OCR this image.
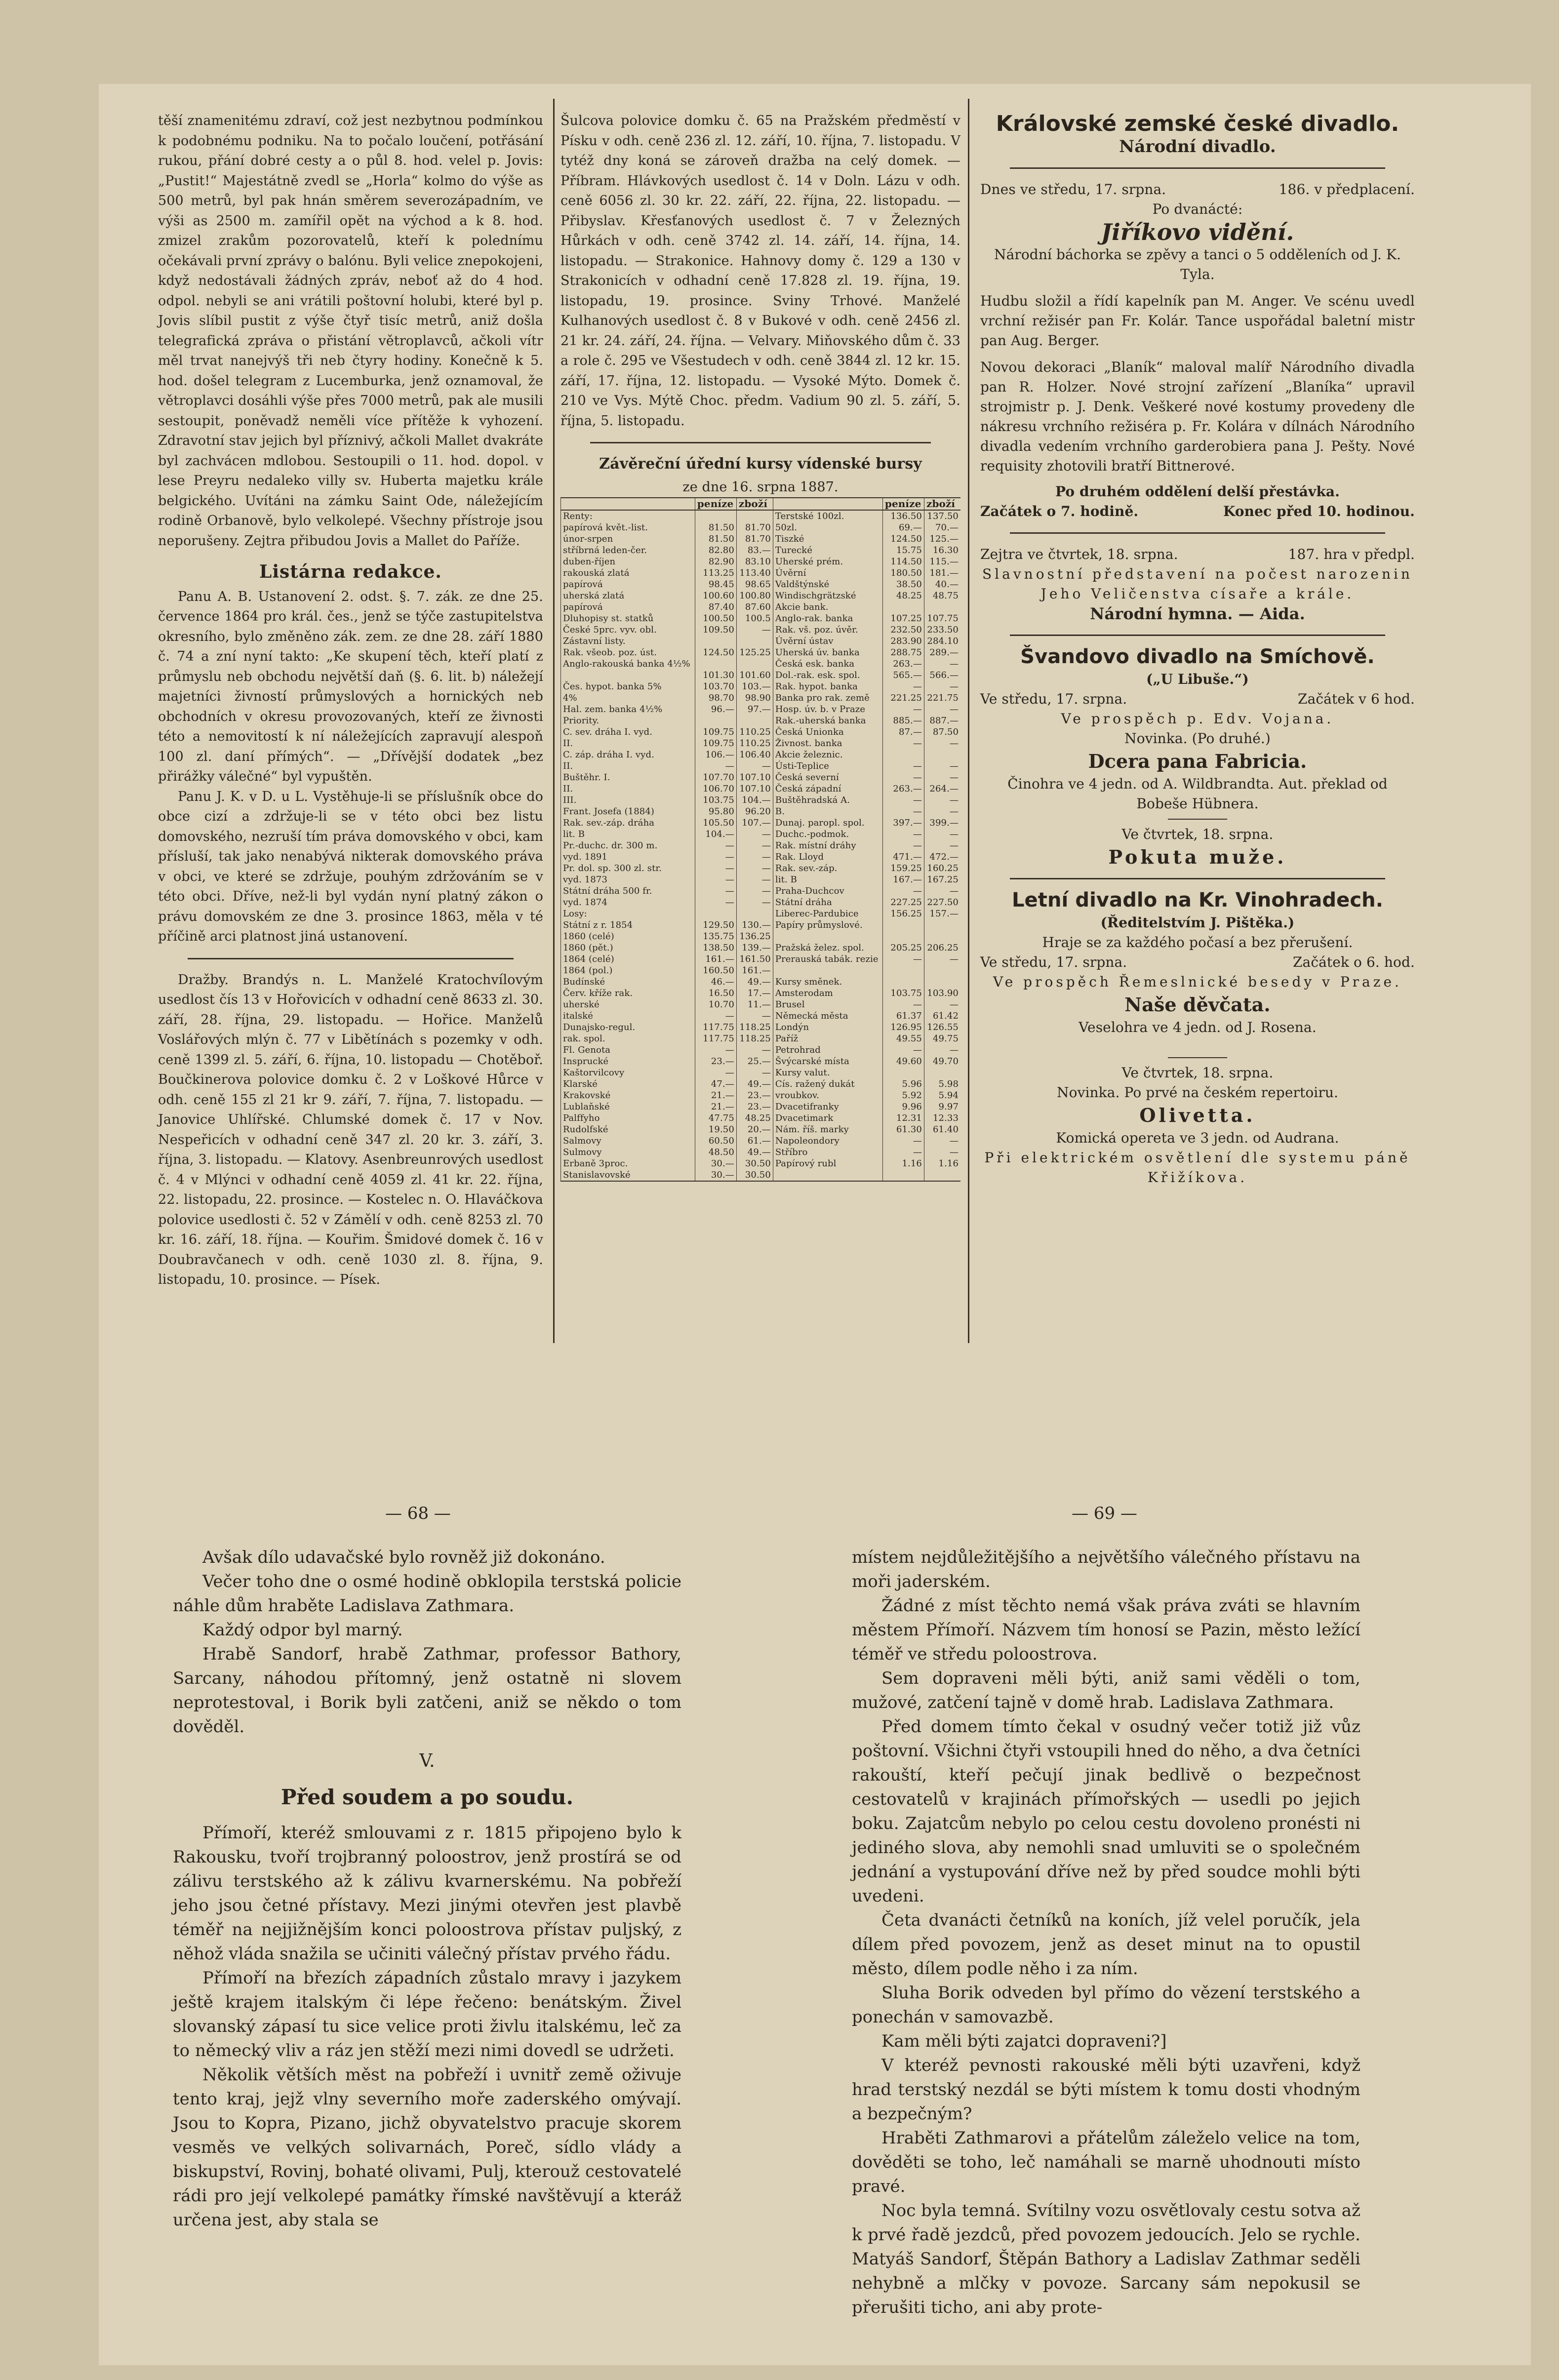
těší znamenitému zdraví, což jest nezbytnou podmínkou k podobnému podniku. Na to počalo loučení, potřásání rukou, přání dobré cesty a o půl 8. hod. velel p. Jovis: „Pustit!“ Majestátně zvedl se „Horla“ kolmo do výše as 500 metrů, byl pak hnán směrem severozápadním, ve výši as 2500 m. zamířil opět na východ a k 8. hod. zmizel zrakům pozorovatelů, kteří k polednímu očekávali první zprávy o balónu. Byli velice znepokojeni, když nedostávali žádných zpráv, neboť až do 4 hod. odpol. nebyli se ani vrátili poštovní holubi, které byl p. Jovis slíbil pustit z výše čtyř tisíc metrů, aniž došla telegrafická zpráva o přistání větroplavců, ačkoli vítr měl trvat nanejvýš tři neb čtyry hodiny. Konečně k 5. hod. došel telegram z Lucemburka, jenž oznamoval, že větroplavci dosáhli výše přes 7000 metrů, pak ale musili sestoupit, poněvadž neměli více přítěže k vyhození. Zdravotní stav jejich byl příznivý, ačkoli Mallet dvakráte byl zachvácen mdlobou. Sestoupili o 11. hod. dopol. v lese Preyru nedaleko villy sv. Huberta majetku krále belgického. Uvítáni na zámku Saint Ode, náležejícím rodině Orbanově, bylo velkolepé. Všechny přístroje jsou neporušeny. Zejtra přibudou Jovis a Mallet do Paříže.

Listárna redakce.

Panu A. B. Ustanovení 2. odst. §. 7. zák. ze dne 25. července 1864 pro král. čes., jenž se týče zastupitelstva okresního, bylo změněno zák. zem. ze dne 28. září 1880 č. 74 a zní nyní takto: „Ke skupení těch, kteří platí z průmyslu neb obchodu největší daň (§. 6. lit. b) náležejí majetníci živností průmyslových a hornických neb obchodních v okresu provozovaných, kteří ze živnosti této a nemovitostí k ní náležejících zapravují alespoň 100 zl. daní přímých“. — „Dřívější dodatek „bez přirážky válečné“ byl vypuštěn.

Panu J. K. v D. u L. Vystěhuje-li se příslušník obce do obce cizí a zdržuje-li se v této obci bez listu domovského, nezruší tím práva domovského v obci, kam přísluší, tak jako nenabývá nikterak domovského práva v obci, ve které se zdržuje, pouhým zdržováním se v této obci. Dříve, než-li byl vydán nyní platný zákon o právu domovském ze dne 3. prosince 1863, měla v té příčině arci platnost jiná ustanovení.

Dražby. Brandýs n. L. Manželé Kratochvílovým usedlost čís 13 v Hořovicích v odhadní ceně 8633 zl. 30. září, 28. října, 29. listopadu. — Hořice. Manželů Voslářových mlýn č. 77 v Libětínách s pozemky v odh. ceně 1399 zl. 5. září, 6. října, 10. listopadu — Chotěboř. Boučkinerova polovice domku č. 2 v Loškové Hůrce v odh. ceně 155 zl 21 kr 9. září, 7. října, 7. listopadu. — Janovice Uhlířské. Chlumské domek č. 17 v Nov. Nespeřicích v odhadní ceně 347 zl. 20 kr. 3. září, 3. října, 3. listopadu. — Klatovy. Asenbreunrových usedlost č. 4 v Mlýnci v odhadní ceně 4059 zl. 41 kr. 22. října, 22. listopadu, 22. prosince. — Kostelec n. O. Hlaváčkova polovice usedlosti č. 52 v Zámělí v odh. ceně 8253 zl. 70 kr. 16. září, 18. října. — Kouřim. Šmidové domek č. 16 v Doubravčanech v odh. ceně 1030 zl. 8. října, 9. listopadu, 10. prosince. — Písek.

Šulcova polovice domku č. 65 na Pražském předměstí v Písku v odh. ceně 236 zl. 12. září, 10. října, 7. listopadu. V tytéž dny koná se zároveň dražba na celý domek. — Příbram. Hlávkových usedlost č. 14 v Doln. Lázu v odh. ceně 6056 zl. 30 kr. 22. září, 22. října, 22. listopadu. — Přibyslav. Křesťanových usedlost č. 7 v Železných Hůrkách v odh. ceně 3742 zl. 14. září, 14. října, 14. listopadu. — Strakonice. Hahnovy domy č. 129 a 130 v Strakonicích v odhadní ceně 17.828 zl. 19. října, 19. listopadu, 19. prosince. Sviny Trhové. Manželé Kulhanových usedlost č. 8 v Bukové v odh. ceně 2456 zl. 21 kr. 24. září, 24. října. — Velvary. Miňovského dům č. 33 a role č. 295 ve Všestudech v odh. ceně 3844 zl. 12 kr. 15. září, 17. října, 12. listopadu. — Vysoké Mýto. Domek č. 210 ve Vys. Mýtě Choc. předm. Vadium 90 zl. 5. září, 5. října, 5. listopadu.

Závěreční úřední kursy vídenské bursy
ze dne 16. srpna 1887.
	peníze	zboží		peníze	zboží
Renty:			Terstské 100zl.	136.50	137.50
papírová květ.-list.	81.50	81.70	50zl.	69.—	70.—
únor-srpen	81.50	81.70	Tiszké	124.50	125.—
stříbrná leden-čer.	82.80	83.—	Turecké	15.75	16.30
duben-říjen	82.90	83.10	Uherské prém.	114.50	115.—
rakouská zlatá	113.25	113.40	Úvěrní	180.50	181.—
papírová	98.45	98.65	Valdštýnské	38.50	40.—
uherská zlatá	100.60	100.80	Windischgrätzské	48.25	48.75
papírová	87.40	87.60	Akcie bank.		
Dluhopisy st. statků	100.50	100.5	Anglo-rak. banka	107.25	107.75
České 5prc. vyv. obl.	109.50	—	Rak. vš. poz. úvěr.	232.50	233.50
Zástavní listy.			Úvěrní ústav	283.90	284.10
Rak. všeob. poz. úst.	124.50	125.25	Uherská úv. banka	288.75	289.—
Anglo-rakouská banka 4½%			Česká esk. banka	263.—	—
	101.30	101.60	Dol.-rak. esk. spol.	565.—	566.—
Čes. hypot. banka 5%	103.70	103.—	Rak. hypot. banka	—	—
4%	98.70	98.90	Banka pro rak. země	221.25	221.75
Hal. zem. banka 4½%	96.—	97.—	Hosp. úv. b. v Praze	—	—
Priority.			Rak.-uherská banka	885.—	887.—
C. sev. dráha I. vyd.	109.75	110.25	Česká Unionka	87.—	87.50
II.	109.75	110.25	Živnost. banka	—	—
C. záp. dráha I. vyd.	106.—	106.40	Akcie železnic.		
II.	—	—	Ústi-Teplice	—	—
Buštěhr. I.	107.70	107.10	Česká severní	—	—
II.	106.70	107.10	Česká západní	263.—	264.—
III.	103.75	104.—	Buštěhradská A.	—	—
Frant. Josefa (1884)	95.80	96.20	B.	—	—
Rak. sev.-záp. dráha	105.50	107.—	Dunaj. paropl. spol.	397.—	399.—
lit. B	104.—	—	Duchc.-podmok.	—	—
Pr.-duchc. dr. 300 m.	—	—	Rak. místní dráhy	—	—
vyd. 1891	—	—	Rak. Lloyd	471.—	472.—
Pr. dol. sp. 300 zl. str.	—	—	Rak. sev.-záp.	159.25	160.25
vyd. 1873	—	—	lit. B	167.—	167.25
Státní dráha 500 fr.	—	—	Praha-Duchcov	—	—
vyd. 1874	—	—	Státní dráha	227.25	227.50
Losy:			Liberec-Pardubice	156.25	157.—
Státní z r. 1854	129.50	130.—	Papíry průmyslové.		
1860 (celé)	135.75	136.25			
1860 (pět.)	138.50	139.—	Pražská želez. spol.	205.25	206.25
1864 (celé)	161.—	161.50	Prerauská tabák. rezie	—	—
1864 (pol.)	160.50	161.—			
Budínské	46.—	49.—	Kursy směnek.		
Červ. kříže rak.	16.50	17.—	Amsterodam	103.75	103.90
uherské	10.70	11.—	Brusel	—	—
italské	—	—	Německá města	61.37	61.42
Dunajsko-regul.	117.75	118.25	Londýn	126.95	126.55
rak. spol.	117.75	118.25	Paříž	49.55	49.75
Fl. Genota	—	—	Petrohrad	—	—
Insprucké	23.—	25.—	Švýcarské místa	49.60	49.70
Kaštorvilcovy	—	—	Kursy valut.		
Klarské	47.—	49.—	Cís. ražený dukát	5.96	5.98
Krakovské	21.—	23.—	vroubkov.	5.92	5.94
Lublaňské	21.—	23.—	Dvacetifranky	9.96	9.97
Palffyho	47.75	48.25	Dvacetimark	12.31	12.33
Rudolfské	19.50	20.—	Nám. říš. marky	61.30	61.40
Salmovy	60.50	61.—	Napoleondory	—	—
Sulmovy	48.50	49.—	Stříbro	—	—
Erbaně 3proc.	30.—	30.50	Papírový rubl	1.16	1.16
Stanislavovské	30.—	30.50			
Královské zemské české divadlo.
Národní divadlo.
Dnes ve středu, 17. srpna.	186. v předplacení.
Po dvanácté:
Jiříkovo vidění.

Národní báchorka se zpěvy a tanci o 5 odděleních od J. K. Tyla.

Hudbu složil a řídí kapelník pan M. Anger. Ve scénu uvedl vrchní režisér pan Fr. Kolár. Tance uspořádal baletní mistr pan Aug. Berger.

Novou dekoraci „Blaník“ maloval malíř Národního divadla pan R. Holzer. Nové strojní zařízení „Blaníka“ upravil strojmistr p. J. Denk. Veškeré nové kostumy provedeny dle nákresu vrchního režiséra p. Fr. Kolára v dílnách Národního divadla vedením vrchního garderobiera pana J. Pešty. Nové requisity zhotovili bratří Bittnerové.

Po druhém oddělení delší přestávka.
Začátek o 7. hodině.	Konec před 10. hodinou.
Zejtra ve čtvrtek, 18. srpna.	187. hra v předpl.

Slavnostní představení na počest narozenin Jeho Veličenstva císaře a krále.

Národní hymna. — Aida.
Švandovo divadlo na Smíchově.
(„U Libuše.“)
Ve středu, 17. srpna.	Začátek v 6 hod.
Ve prospěch p. Edv. Vojana.
Novinka. (Po druhé.)
Dcera pana Fabricia.

Činohra ve 4 jedn. od A. Wildbrandta. Aut. překlad od Bobeše Hübnera.

Ve čtvrtek, 18. srpna.
Pokuta muže.
Letní divadlo na Kr. Vinohradech.
(Ředitelstvím J. Pištěka.)
Hraje se za každého počasí a bez přerušení.
Ve středu, 17. srpna.	Začátek o 6. hod.

Ve prospěch Řemeslnické besedy v Praze.

Naše děvčata.
Veselohra ve 4 jedn. od J. Rosena.
Ve čtvrtek, 18. srpna.
Novinka. Po prvé na českém repertoiru.
Olivetta.
Komická opereta ve 3 jedn. od Audrana.

Při elektrickém osvětlení dle systemu páně Křižíkova.

— 68 —	— 69 —

Avšak dílo udavačské bylo rovněž již dokonáno.

Večer toho dne o osmé hodině obklopila terstská policie náhle dům hraběte Ladislava Zathmara.

Každý odpor byl marný.

Hrabě Sandorf, hrabě Zathmar, professor Bathory, Sarcany, náhodou přítomný, jenž ostatně ni slovem neprotestoval, i Borik byli zatčeni, aniž se někdo o tom dověděl.

V.
Před soudem a po soudu.

Přímoří, kteréž smlouvami z r. 1815 připojeno bylo k Rakousku, tvoří trojbranný poloostrov, jenž prostírá se od zálivu terstského až k zálivu kvarnerskému. Na pobřeží jeho jsou četné přístavy. Mezi jinými otevřen jest plavbě téměř na nejjižnějším konci poloostrova přístav puljský, z něhož vláda snažila se učiniti válečný přístav prvého řádu.

Přímoří na březích západních zůstalo mravy i jazykem ještě krajem italským či lépe řečeno: benátským. Živel slovanský zápasí tu sice velice proti živlu italskému, leč za to německý vliv a ráz jen stěží mezi nimi dovedl se udržeti.

Několik větších měst na pobřeží i uvnitř země oživuje tento kraj, jejž vlny severního moře zaderského omývají. Jsou to Kopra, Pizano, jichž obyvatelstvo pracuje skorem vesměs ve velkých solivarnách, Poreč, sídlo vlády a biskupství, Rovinj, bohaté olivami, Pulj, kterouž cestovatelé rádi pro její velkolepé památky římské navštěvují a kteráž určena jest, aby stala se

místem nejdůležitějšího a největšího válečného přístavu na moři jaderském.

Žádné z míst těchto nemá však práva zváti se hlavním městem Přímoří. Názvem tím honosí se Pazin, město ležící téměř ve středu poloostrova.

Sem dopraveni měli býti, aniž sami věděli o tom, mužové, zatčení tajně v domě hrab. Ladislava Zathmara.

Před domem tímto čekal v osudný večer totiž již vůz poštovní. Všichni čtyři vstoupili hned do něho, a dva četníci rakouští, kteří pečují jinak bedlivě o bezpečnost cestovatelů v krajinách přímořských — usedli po jejich boku. Zajatcům nebylo po celou cestu dovoleno pronésti ni jediného slova, aby nemohli snad umluviti se o společném jednání a vystupování dříve než by před soudce mohli býti uvedeni.

Četa dvanácti četníků na koních, jíž velel poručík, jela dílem před povozem, jenž as deset minut na to opustil město, dílem podle něho i za ním.

Sluha Borik odveden byl přímo do vězení terstského a ponechán v samovazbě.

Kam měli býti zajatci dopraveni?]

V kteréž pevnosti rakouské měli býti uzavřeni, když hrad terstský nezdál se býti místem k tomu dosti vhodným a bezpečným?

Hraběti Zathmarovi a přátelům záleželo velice na tom, dověděti se toho, leč namáhali se marně uhodnouti místo pravé.

Noc byla temná. Svítilny vozu osvětlovaly cestu sotva až k prvé řadě jezdců, před povozem jedoucích. Jelo se rychle. Matyáš Sandorf, Štěpán Bathory a Ladislav Zathmar seděli nehybně a mlčky v povoze. Sarcany sám nepokusil se přerušiti ticho, ani aby prote-
